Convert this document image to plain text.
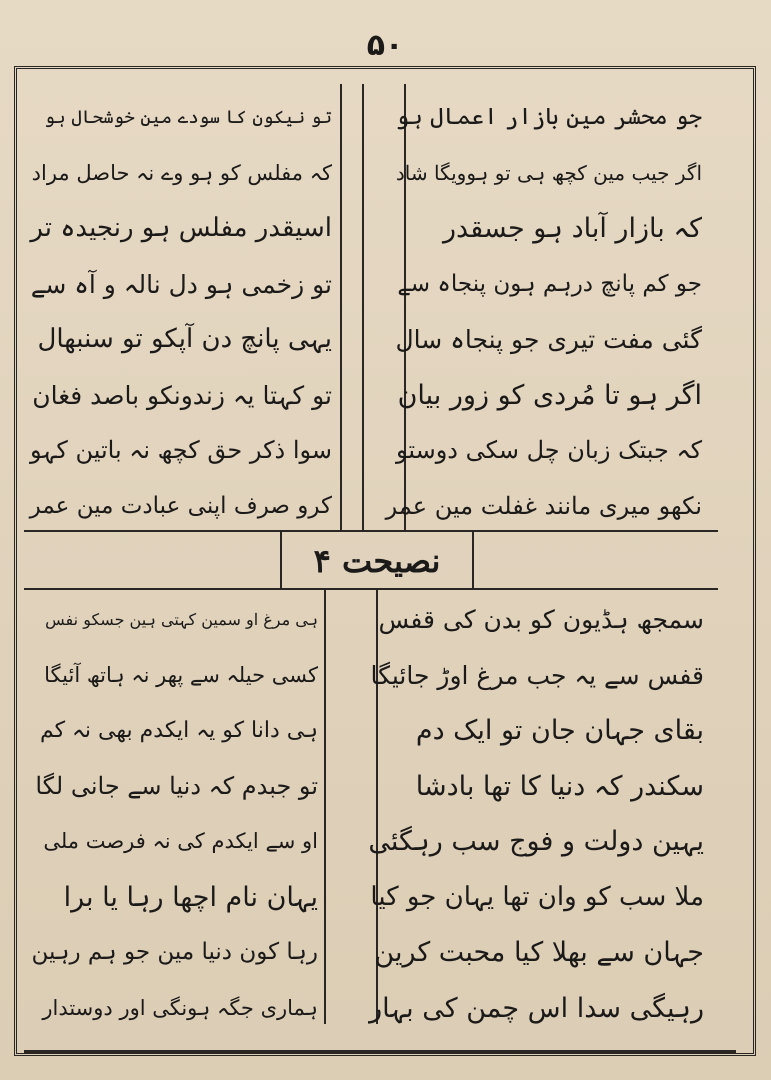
۵۰
جو محشر مین بازار اعمال ہو
اگر جیب مین کچھ ہی تو ہوویگا شاد
کہ بازار آباد ہو جسقدر
جو کم پانچ درہم ہون پنجاہ سے
گئی مفت تیری جو پنجاہ سال
اگر ہو تا مُردی کو زور بیان
کہ جبتک زبان چل سکی دوستو
نکھو میری مانند غفلت مین عمر
تو نیکون کا سودے مین خوشحال ہو
کہ مفلس کو ہو وے نہ حاصل مراد
اسیقدر مفلس ہو رنجیدہ تر
تو زخمی ہو دل نالہ و آہ سے
یہی پانچ دن آپکو تو سنبھال
تو کہتا یہ زندونکو باصد فغان
سوا ذکر حق کچھ نہ باتین کہو
کرو صرف اپنی عبادت مین عمر
نصیحت ۴
سمجھ ہڈیون کو بدن کی قفس
قفس سے یہ جب مرغ اوڑ جائیگا
بقای جہان جان تو ایک دم
سکندر کہ دنیا کا تھا بادشا
یہین دولت و فوج سب رہگئی
ملا سب کو وان تھا یہان جو کیا
جہان سے بھلا کیا محبت کرین
رہیگی سدا اس چمن کی بہار
ہی مرغ او سمین کہتی ہین جسکو نفس
کسی حیلہ سے پھر نہ ہاتھ آئیگا
ہی دانا کو یہ ایکدم بھی نہ کم
تو جبدم کہ دنیا سے جانی لگا
او سے ایکدم کی نہ فرصت ملی
یہان نام اچھا رہا یا برا
رہا کون دنیا مین جو ہم رہین
ہماری جگہ ہونگی اور دوستدار
